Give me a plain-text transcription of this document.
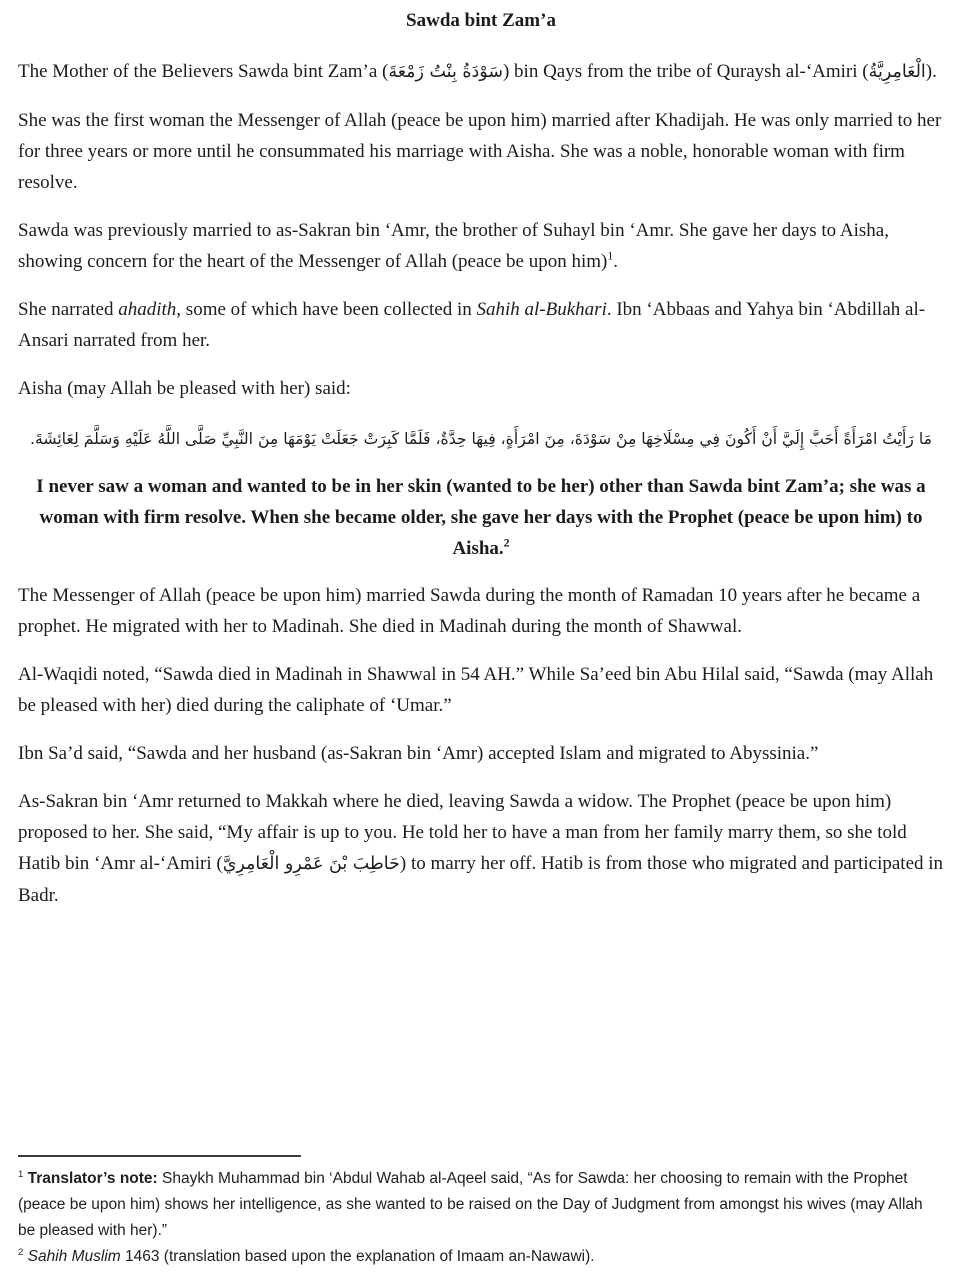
Sawda bint Zam’a

The Mother of the Believers Sawda bint Zam’a (سَوْدَةُ بِنْتُ زَمْعَةَ) bin Qays from the tribe of Quraysh al-‘Amiri (الْعَامِرِيَّةُ).

She was the first woman the Messenger of Allah (peace be upon him) married after Khadijah. He was only married to her for three years or more until he consummated his marriage with Aisha. She was a noble, honorable woman with firm resolve.

Sawda was previously married to as-Sakran bin ‘Amr, the brother of Suhayl bin ‘Amr. She gave her days to Aisha, showing concern for the heart of the Messenger of Allah (peace be upon him)$^1$.

She narrated ahadith, some of which have been collected in Sahih al-Bukhari. Ibn ‘Abbaas and Yahya bin ‘Abdillah al-Ansari narrated from her.

Aisha (may Allah be pleased with her) said:

مَا رَأَيْتُ امْرَأَةً أَحَبَّ إِلَيَّ أَنْ أَكُونَ فِي مِسْلَاخِهَا مِنْ سَوْدَةَ، مِنَ امْرَأَةٍ، فِيهَا حِدَّةٌ، فَلَمَّا كَبِرَتْ جَعَلَتْ يَوْمَهَا مِنَ النَّبِيِّ صَلَّى اللَّهُ عَلَيْهِ وَسَلَّمَ لِعَائِشَةَ.

I never saw a woman and wanted to be in her skin (wanted to be her) other than Sawda bint Zam’a; she was a woman with firm resolve. When she became older, she gave her days with the Prophet (peace be upon him) to Aisha.$^2$

The Messenger of Allah (peace be upon him) married Sawda during the month of Ramadan 10 years after he became a prophet. He migrated with her to Madinah. She died in Madinah during the month of Shawwal.

Al-Waqidi noted, “Sawda died in Madinah in Shawwal in 54 AH.” While Sa’eed bin Abu Hilal said, “Sawda (may Allah be pleased with her) died during the caliphate of ‘Umar.”

Ibn Sa’d said, “Sawda and her husband (as-Sakran bin ‘Amr) accepted Islam and migrated to Abyssinia.”

As-Sakran bin ‘Amr returned to Makkah where he died, leaving Sawda a widow. The Prophet (peace be upon him) proposed to her. She said, “My affair is up to you. He told her to have a man from her family marry them, so she told Hatib bin ‘Amr al-‘Amiri (حَاطِبَ بْنَ عَمْرِو الْعَامِرِيَّ) to marry her off. Hatib is from those who migrated and participated in Badr.

$^1$ Translator’s note: Shaykh Muhammad bin ‘Abdul Wahab al-Aqeel said, “As for Sawda: her choosing to remain with the Prophet (peace be upon him) shows her intelligence, as she wanted to be raised on the Day of Judgment from amongst his wives (may Allah be pleased with her).”

$^2$ Sahih Muslim 1463 (translation based upon the explanation of Imaam an-Nawawi).
